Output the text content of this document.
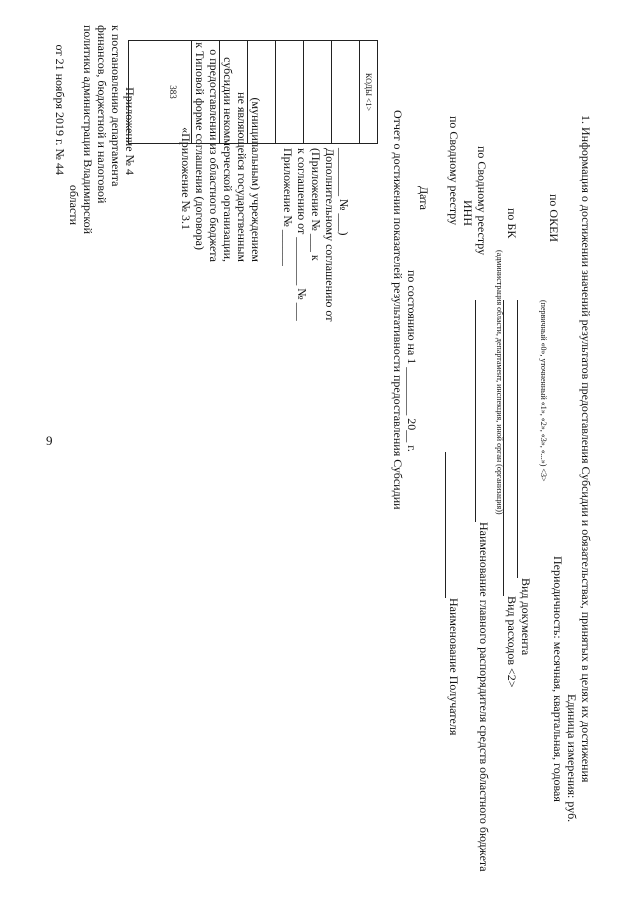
9
Приложение № 4
к постановлению департамента
финансов, бюджетной и налоговой
политики администрации Владимирской
области
от 21 ноября 2019 г. № 44
«Приложение № 3.1 к Типовой форме соглашения (договора) о предоставлении из областного бюджета субсидии некоммерческой организации, не являющейся государственным (муниципальным) учреждением Приложение № ______ к соглашению от ________ № ___ (Приложение № ___ к Дополнительному соглашению от ________ № ___)	Отчет о достижении показателей результативности предоставления Субсидии по состоянию на 1 ________ 20__ г.
КОДЫ <1>
383
Дата по Сводному реестру ИНН по Сводному реестру по БК по ОКЕИ
Наименование Получателя Наименование главного распорядителя средств областного бюджета
(администрация области, департамент, инспекция, иной орган (организация))
Вид расходов <2> Вид документа
(первичный «0», уточненный «1», «2», «3», «...») <3>
Периодичность: месячная, квартальная, годовая Единица измерения: руб. 1. Информация о достижении значений результатов предоставления Субсидии и обязательствах, принятых в целях их достижения
